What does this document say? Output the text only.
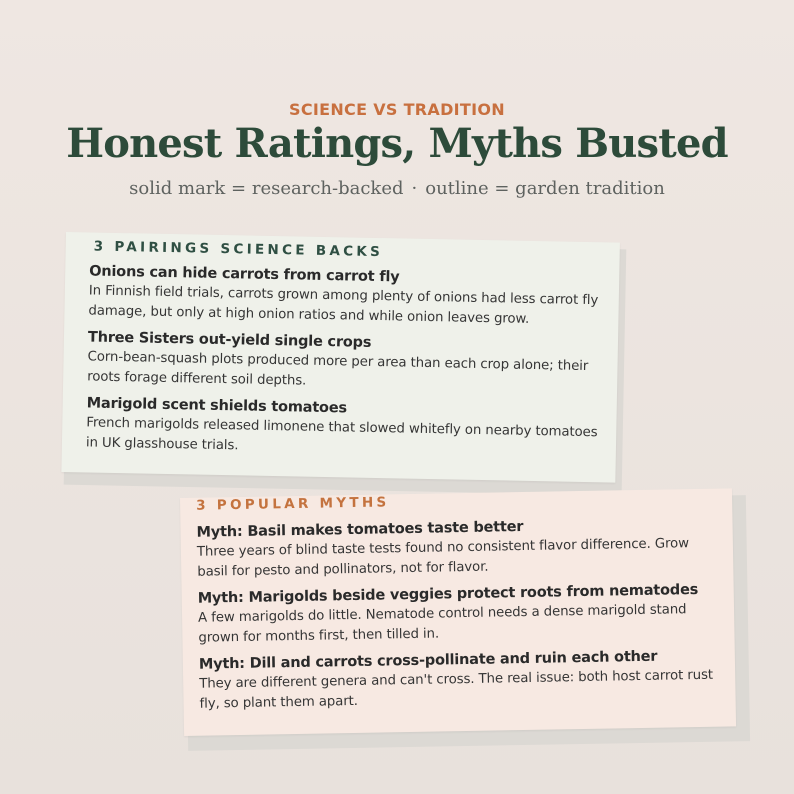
SCIENCE VS TRADITION
Honest Ratings, Myths Busted
solid mark = research-backed · outline = garden tradition
3 PAIRINGS SCIENCE BACKS
Onions can hide carrots from carrot fly
In Finnish field trials, carrots grown among plenty of onions had less carrot fly damage, but only at high onion ratios and while onion leaves grow.
Three Sisters out-yield single crops
Corn-bean-squash plots produced more per area than each crop alone; their roots forage different soil depths.
Marigold scent shields tomatoes
French marigolds released limonene that slowed whitefly on nearby tomatoes in UK glasshouse trials.
3 POPULAR MYTHS
Myth: Basil makes tomatoes taste better
Three years of blind taste tests found no consistent flavor difference. Grow basil for pesto and pollinators, not for flavor.
Myth: Marigolds beside veggies protect roots from nematodes
A few marigolds do little. Nematode control needs a dense marigold stand grown for months first, then tilled in.
Myth: Dill and carrots cross-pollinate and ruin each other
They are different genera and can't cross. The real issue: both host carrot rust fly, so plant them apart.
